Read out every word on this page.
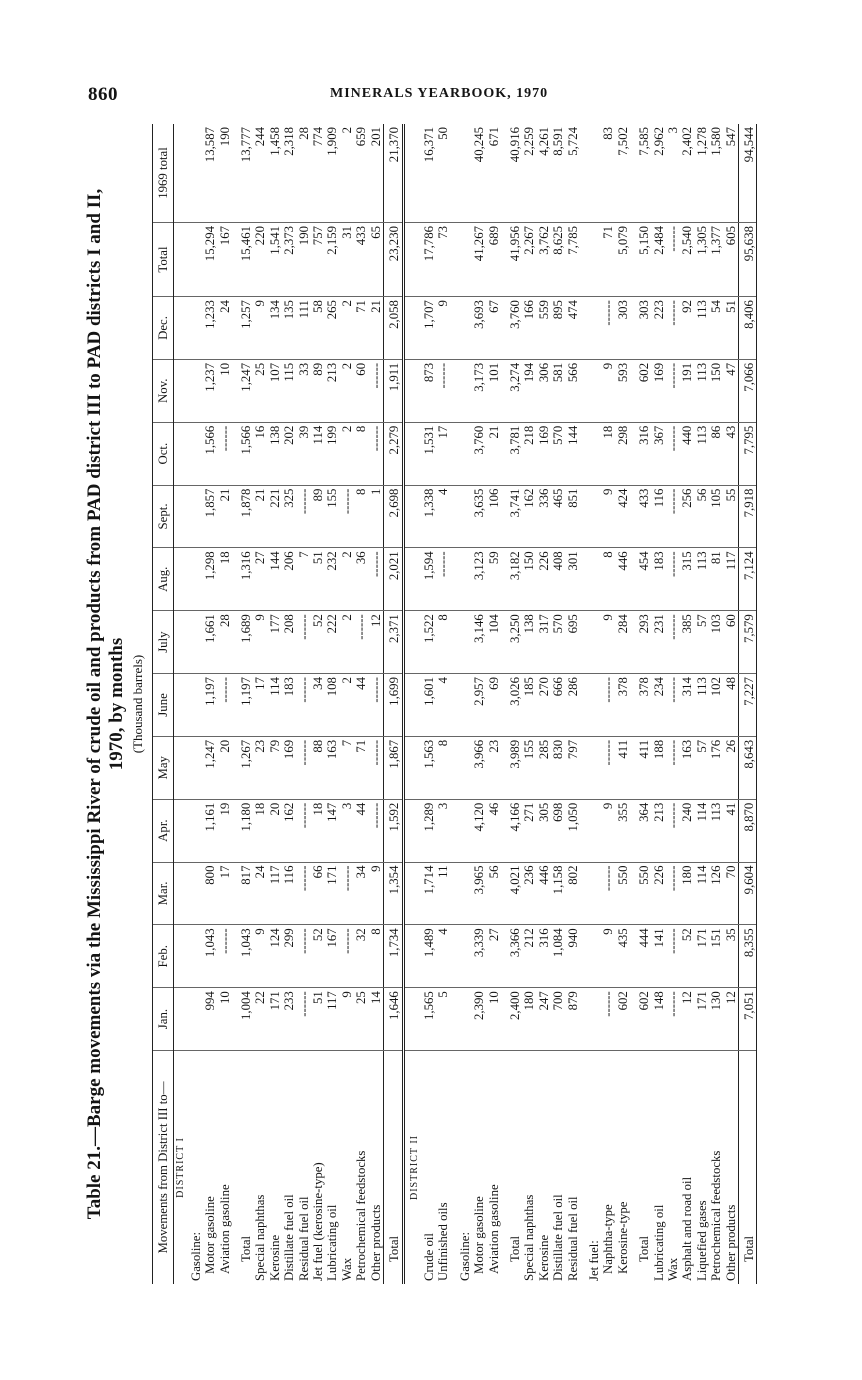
860	MINERALS YEARBOOK, 1970
Table 21.—Barge movements via the Mississippi River of crude oil and products from PAD district III to PAD districts I and II, 1970, by months (Thousand barrels)
Movements from District III to—	Jan.	Feb.	Mar.	Apr.	May	June	July	Aug.	Sept.	Oct.	Nov.	Dec.	Total	1969 total
DISTRICT I														
Gasoline:														
Motor gasoline	994	1,043	800	1,161	1,247	1,197	1,661	1,298	1,857	1,566	1,237	1,233	15,294	13,587
Aviation gasoline	10	------	17	19	20	------	28	18	21	------	10	24	167	190

Total	1,004	1,043	817	1,180	1,267	1,197	1,689	1,316	1,878	1,566	1,247	1,257	15,461	13,777
Special naphthas	22	9	24	18	23	17	9	27	21	16	25	9	220	244
Kerosine	171	124	117	20	79	114	177	144	221	138	107	134	1,541	1,458
Distillate fuel oil	233	299	116	162	169	183	208	206	325	202	115	135	2,373	2,318
Residual fuel oil	------	------	------	------	------	------	------	7	------	39	33	111	190	28
Jet fuel (kerosine-type)	51	52	66	18	88	34	52	51	89	114	89	58	757	774
Lubricating oil	117	167	171	147	163	108	222	232	155	199	213	265	2,159	1,909
Wax	9	------	------	3	7	2	2	2	------	2	2	2	31	2
Petrochemical feedstocks	25	32	34	44	71	44	------	36	8	8	60	71	433	659
Other products	14	8	9	------	------	------	12	------	1	------	------	21	65	201

Total	1,646	1,734	1,354	1,592	1,867	1,699	2,371	2,021	2,698	2,279	1,911	2,058	23,230	21,370

DISTRICT II														
Crude oil	1,565	1,489	1,714	1,289	1,563	1,601	1,522	1,594	1,338	1,531	873	1,707	17,786	16,371
Unfinished oils	5	4	11	3	8	4	8	------	4	17	------	9	73	50

Gasoline:														
Motor gasoline	2,390	3,339	3,965	4,120	3,966	2,957	3,146	3,123	3,635	3,760	3,173	3,693	41,267	40,245
Aviation gasoline	10	27	56	46	23	69	104	59	106	21	101	67	689	671

Total	2,400	3,366	4,021	4,166	3,989	3,026	3,250	3,182	3,741	3,781	3,274	3,760	41,956	40,916
Special naphthas	180	212	236	271	155	185	138	150	162	218	194	166	2,267	2,259
Kerosine	247	316	446	305	285	270	317	226	336	169	306	559	3,762	4,261
Distillate fuel oil	700	1,084	1,158	698	830	666	570	408	465	570	581	895	8,625	8,591
Residual fuel oil	879	940	802	1,050	797	286	695	301	851	144	566	474	7,785	5,724

Jet fuel:														
Naphtha-type	------	9	------	9	------	------	9	8	9	18	9	------	71	83
Kerosine-type	602	435	550	355	411	378	284	446	424	298	593	303	5,079	7,502

Total	602	444	550	364	411	378	293	454	433	316	602	303	5,150	7,585
Lubricating oil	148	141	226	213	188	234	231	183	116	367	169	223	2,484	2,962
Wax	------	------	------	------	------	------	------	------	------	------	------	------	------	3
Asphalt and road oil	12	52	180	240	163	314	385	315	256	440	191	92	2,540	2,402
Liquefied gases	171	171	114	114	57	113	57	113	56	113	113	113	1,305	1,278
Petrochemical feedstocks	130	151	126	113	176	102	103	81	105	86	150	54	1,377	1,580
Other products	12	35	70	41	26	48	60	117	55	43	47	51	605	547

Total	7,051	8,355	9,604	8,870	8,643	7,227	7,579	7,124	7,918	7,795	7,066	8,406	95,638	94,544
